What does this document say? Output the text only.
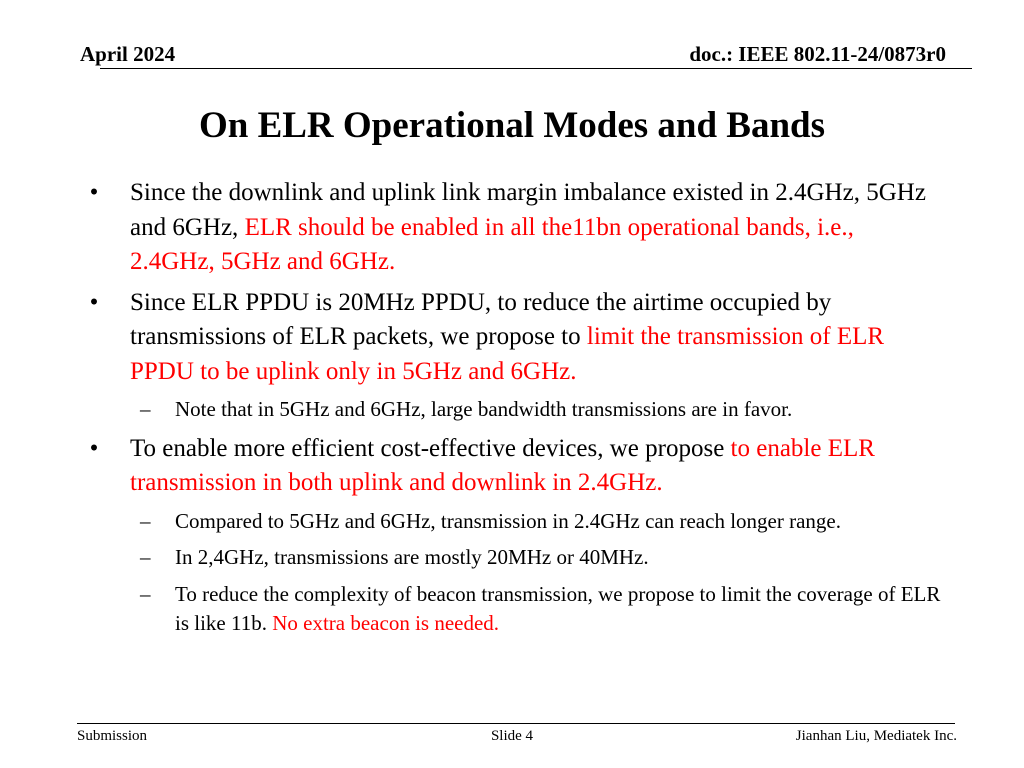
April 2024	doc.: IEEE 802.11-24/0873r0
On ELR Operational Modes and Bands
• Since the downlink and uplink link margin imbalance existed in 2.4GHz, 5GHz and 6GHz, ELR should be enabled in all the11bn operational bands, i.e., 2.4GHz, 5GHz and 6GHz.
• Since ELR PPDU is 20MHz PPDU, to reduce the airtime occupied by transmissions of ELR packets, we propose to limit the transmission of ELR PPDU to be uplink only in 5GHz and 6GHz.
– Note that in 5GHz and 6GHz, large bandwidth transmissions are in favor.
• To enable more efficient cost-effective devices, we propose to enable ELR transmission in both uplink and downlink in 2.4GHz.
– Compared to 5GHz and 6GHz, transmission in 2.4GHz can reach longer range.
– In 2,4GHz, transmissions are mostly 20MHz or 40MHz.
– To reduce the complexity of beacon transmission, we propose to limit the coverage of ELR is like 11b. No extra beacon is needed.
Submission	Slide 4	Jianhan Liu, Mediatek Inc.
